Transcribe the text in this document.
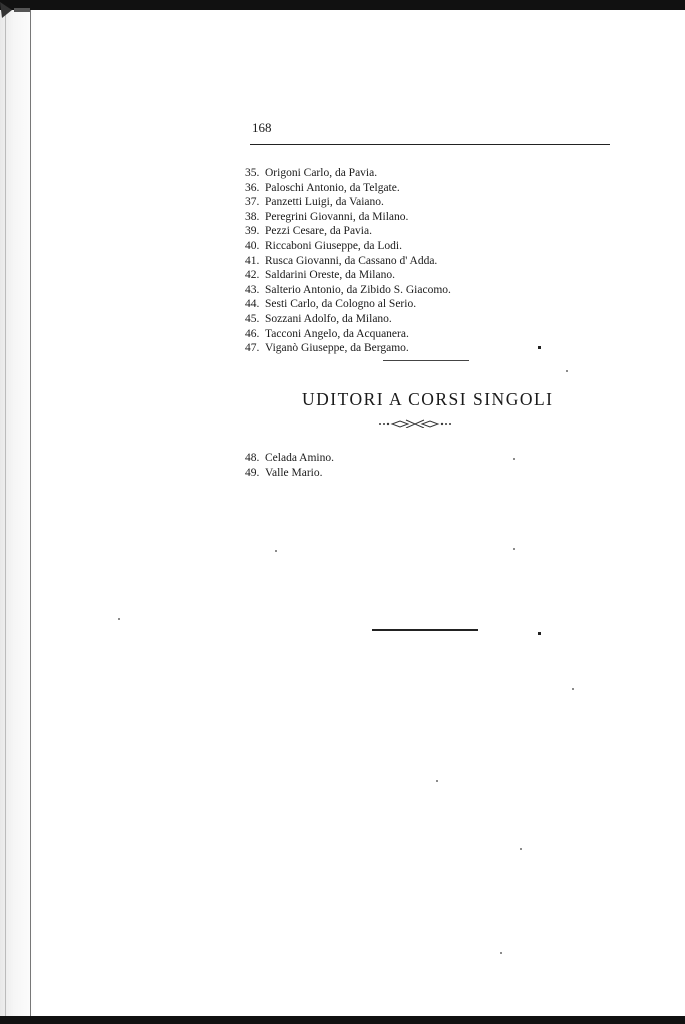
168
35. Origoni Carlo, da Pavia.
36. Paloschi Antonio, da Telgate.
37. Panzetti Luigi, da Vaiano.
38. Peregrini Giovanni, da Milano.
39. Pezzi Cesare, da Pavia.
40. Riccaboni Giuseppe, da Lodi.
41. Rusca Giovanni, da Cassano d' Adda.
42. Saldarini Oreste, da Milano.
43. Salterio Antonio, da Zibido S. Giacomo.
44. Sesti Carlo, da Cologno al Serio.
45. Sozzani Adolfo, da Milano.
46. Tacconi Angelo, da Acquanera.
47. Viganò Giuseppe, da Bergamo.
UDITORI A CORSI SINGOLI
48. Celada Amino.
49. Valle Mario.
